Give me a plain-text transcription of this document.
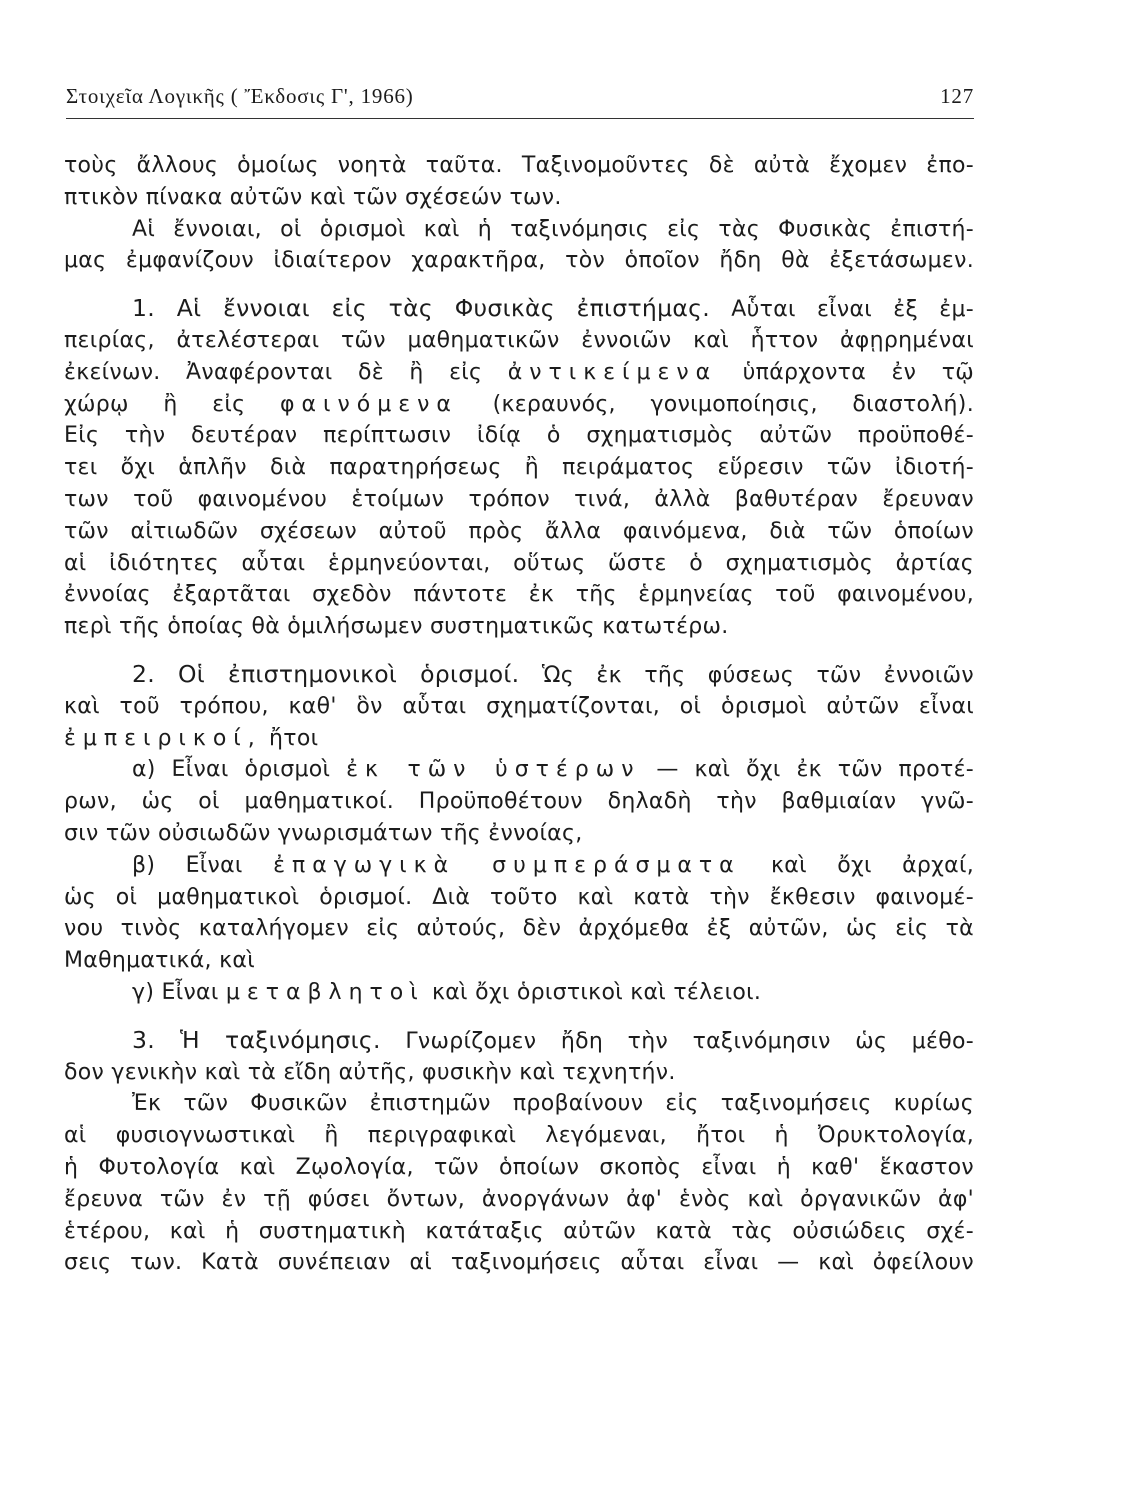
Στοιχεῖα Λογικῆς ( Ἔκδοσις Γ', 1966)	127
τοὺς ἄλλους ὁμοίως νοητὰ ταῦτα. Ταξινομοῦντες δὲ αὐτὰ ἔχομεν ἐπο-
πτικὸν πίνακα αὐτῶν καὶ τῶν σχέσεών των.
Αἱ ἔννοιαι, οἱ ὁρισμοὶ καὶ ἡ ταξινόμησις εἰς τὰς Φυσικὰς ἐπιστή-
μας ἐμφανίζουν ἰδιαίτερον χαρακτῆρα, τὸν ὁποῖον ἤδη θὰ ἐξετάσωμεν.
1. Αἱ ἔννοιαι εἰς τὰς Φυσικὰς ἐπιστήμας. Αὗται εἶναι ἐξ ἐμ-
πειρίας, ἀτελέστεραι τῶν μαθηματικῶν ἐννοιῶν καὶ ἧττον ἀφῃρημέναι
ἐκείνων. Ἀναφέρονται δὲ ἢ εἰς ἀντικείμενα ὑπάρχοντα ἐν τῷ
χώρῳ ἢ εἰς φαινόμενα (κεραυνός, γονιμοποίησις, διαστολή).
Εἰς τὴν δευτέραν περίπτωσιν ἰδίᾳ ὁ σχηματισμὸς αὐτῶν προϋποθέ-
τει ὄχι ἁπλῆν διὰ παρατηρήσεως ἢ πειράματος εὕρεσιν τῶν ἰδιοτή-
των τοῦ φαινομένου ἑτοίμων τρόπον τινά, ἀλλὰ βαθυτέραν ἔρευναν
τῶν αἰτιωδῶν σχέσεων αὐτοῦ πρὸς ἄλλα φαινόμενα, διὰ τῶν ὁποίων
αἱ ἰδιότητες αὗται ἑρμηνεύονται, οὕτως ὥστε ὁ σχηματισμὸς ἀρτίας
ἐννοίας ἐξαρτᾶται σχεδὸν πάντοτε ἐκ τῆς ἑρμηνείας τοῦ φαινομένου,
περὶ τῆς ὁποίας θὰ ὁμιλήσωμεν συστηματικῶς κατωτέρω.
2. Οἱ ἐπιστημονικοὶ ὁρισμοί. Ὡς ἐκ τῆς φύσεως τῶν ἐννοιῶν
καὶ τοῦ τρόπου, καθ' ὃν αὗται σχηματίζονται, οἱ ὁρισμοὶ αὐτῶν εἶναι
ἐμπειρικοί, ἤτοι
α) Εἶναι ὁρισμοὶ ἐκ τῶν ὑστέρων — καὶ ὄχι ἐκ τῶν προτέ-
ρων, ὡς οἱ μαθηματικοί. Προϋποθέτουν δηλαδὴ τὴν βαθμιαίαν γνῶ-
σιν τῶν οὐσιωδῶν γνωρισμάτων τῆς ἐννοίας,
β) Εἶναι ἐπαγωγικὰ συμπεράσματα καὶ ὄχι ἀρχαί,
ὡς οἱ μαθηματικοὶ ὁρισμοί. Διὰ τοῦτο καὶ κατὰ τὴν ἔκθεσιν φαινομέ-
νου τινὸς καταλήγομεν εἰς αὐτούς, δὲν ἀρχόμεθα ἐξ αὐτῶν, ὡς εἰς τὰ
Μαθηματικά, καὶ
γ) Εἶναι μεταβλητοὶ καὶ ὄχι ὁριστικοὶ καὶ τέλειοι.
3. Ἡ ταξινόμησις. Γνωρίζομεν ἤδη τὴν ταξινόμησιν ὡς μέθο-
δον γενικὴν καὶ τὰ εἴδη αὐτῆς, φυσικὴν καὶ τεχνητήν.
Ἐκ τῶν Φυσικῶν ἐπιστημῶν προβαίνουν εἰς ταξινομήσεις κυρίως
αἱ φυσιογνωστικαὶ ἢ περιγραφικαὶ λεγόμεναι, ἤτοι ἡ Ὀρυκτολογία,
ἡ Φυτολογία καὶ Ζῳολογία, τῶν ὁποίων σκοπὸς εἶναι ἡ καθ' ἕκαστον
ἔρευνα τῶν ἐν τῇ φύσει ὄντων, ἀνοργάνων ἀφ' ἑνὸς καὶ ὀργανικῶν ἀφ'
ἑτέρου, καὶ ἡ συστηματικὴ κατάταξις αὐτῶν κατὰ τὰς οὐσιώδεις σχέ-
σεις των. Κατὰ συνέπειαν αἱ ταξινομήσεις αὗται εἶναι — καὶ ὀφείλουν
